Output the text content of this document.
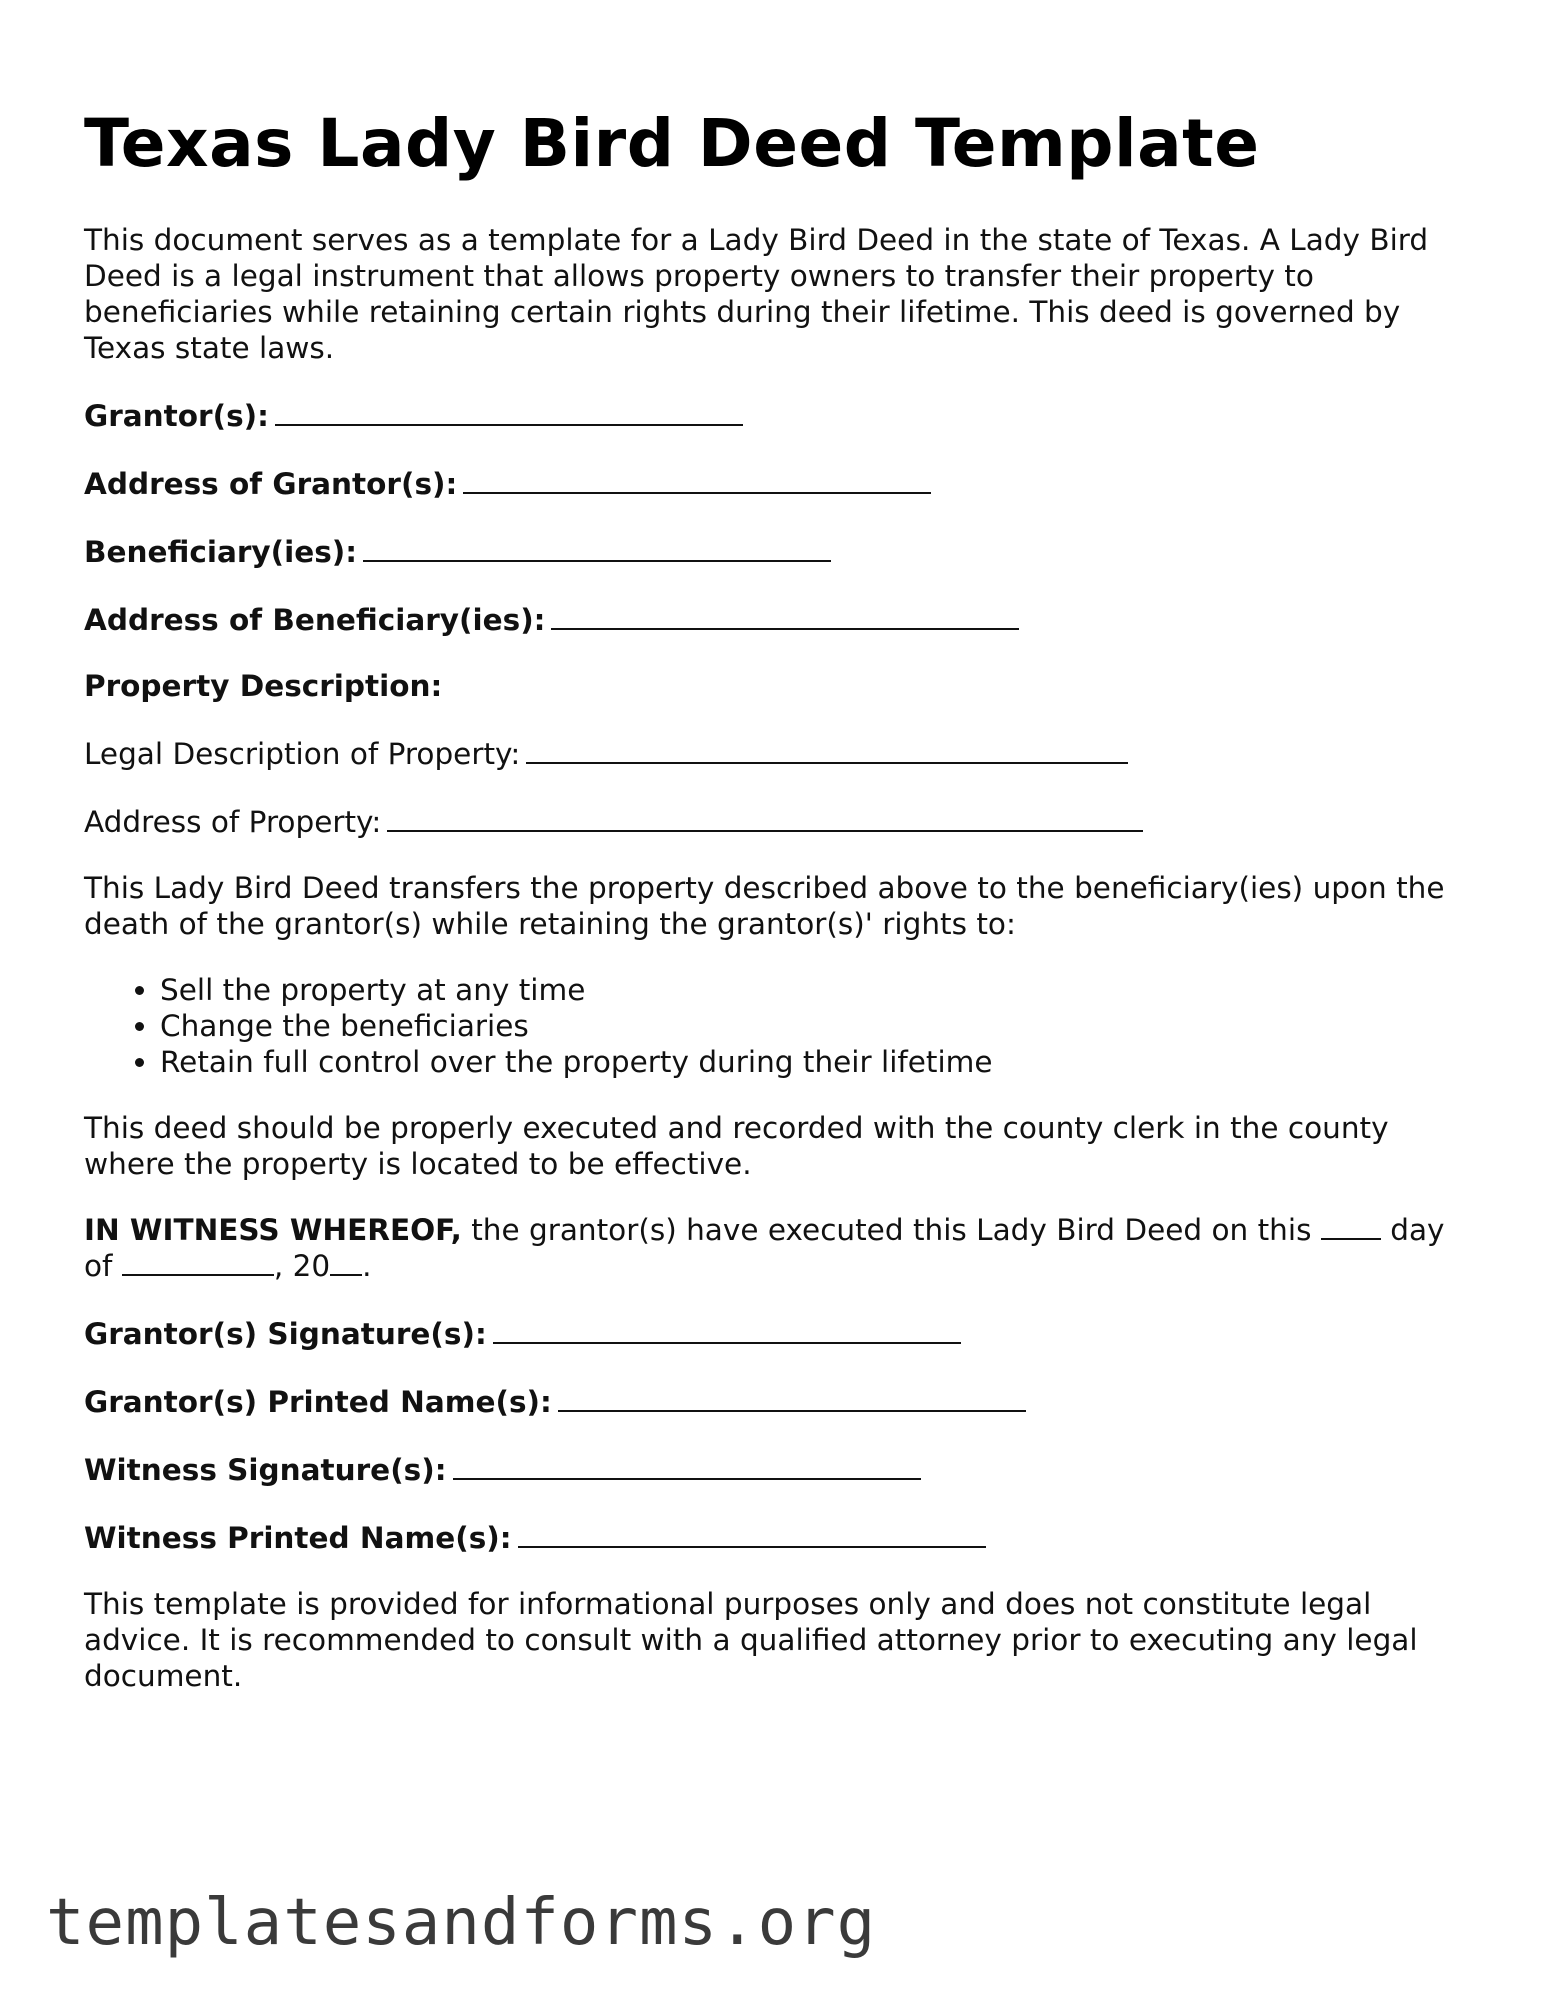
Texas Lady Bird Deed Template

This document serves as a template for a Lady Bird Deed in the state of Texas. A Lady Bird Deed is a legal instrument that allows property owners to transfer their property to beneficiaries while retaining certain rights during their lifetime. This deed is governed by Texas state laws.

Grantor(s):
Address of Grantor(s):
Beneficiary(ies):
Address of Beneficiary(ies):
Property Description:
Legal Description of Property:
Address of Property:

This Lady Bird Deed transfers the property described above to the beneficiary(ies) upon the death of the grantor(s) while retaining the grantor(s)' rights to:

• Sell the property at any time
• Change the beneficiaries
• Retain full control over the property during their lifetime

This deed should be properly executed and recorded with the county clerk in the county where the property is located to be effective.

IN WITNESS WHEREOF, the grantor(s) have executed this Lady Bird Deed on this	day of	, 20 .

Grantor(s) Signature(s):
Grantor(s) Printed Name(s):
Witness Signature(s):
Witness Printed Name(s):

This template is provided for informational purposes only and does not constitute legal advice. It is recommended to consult with a qualified attorney prior to executing any legal document.

templatesandforms.org
